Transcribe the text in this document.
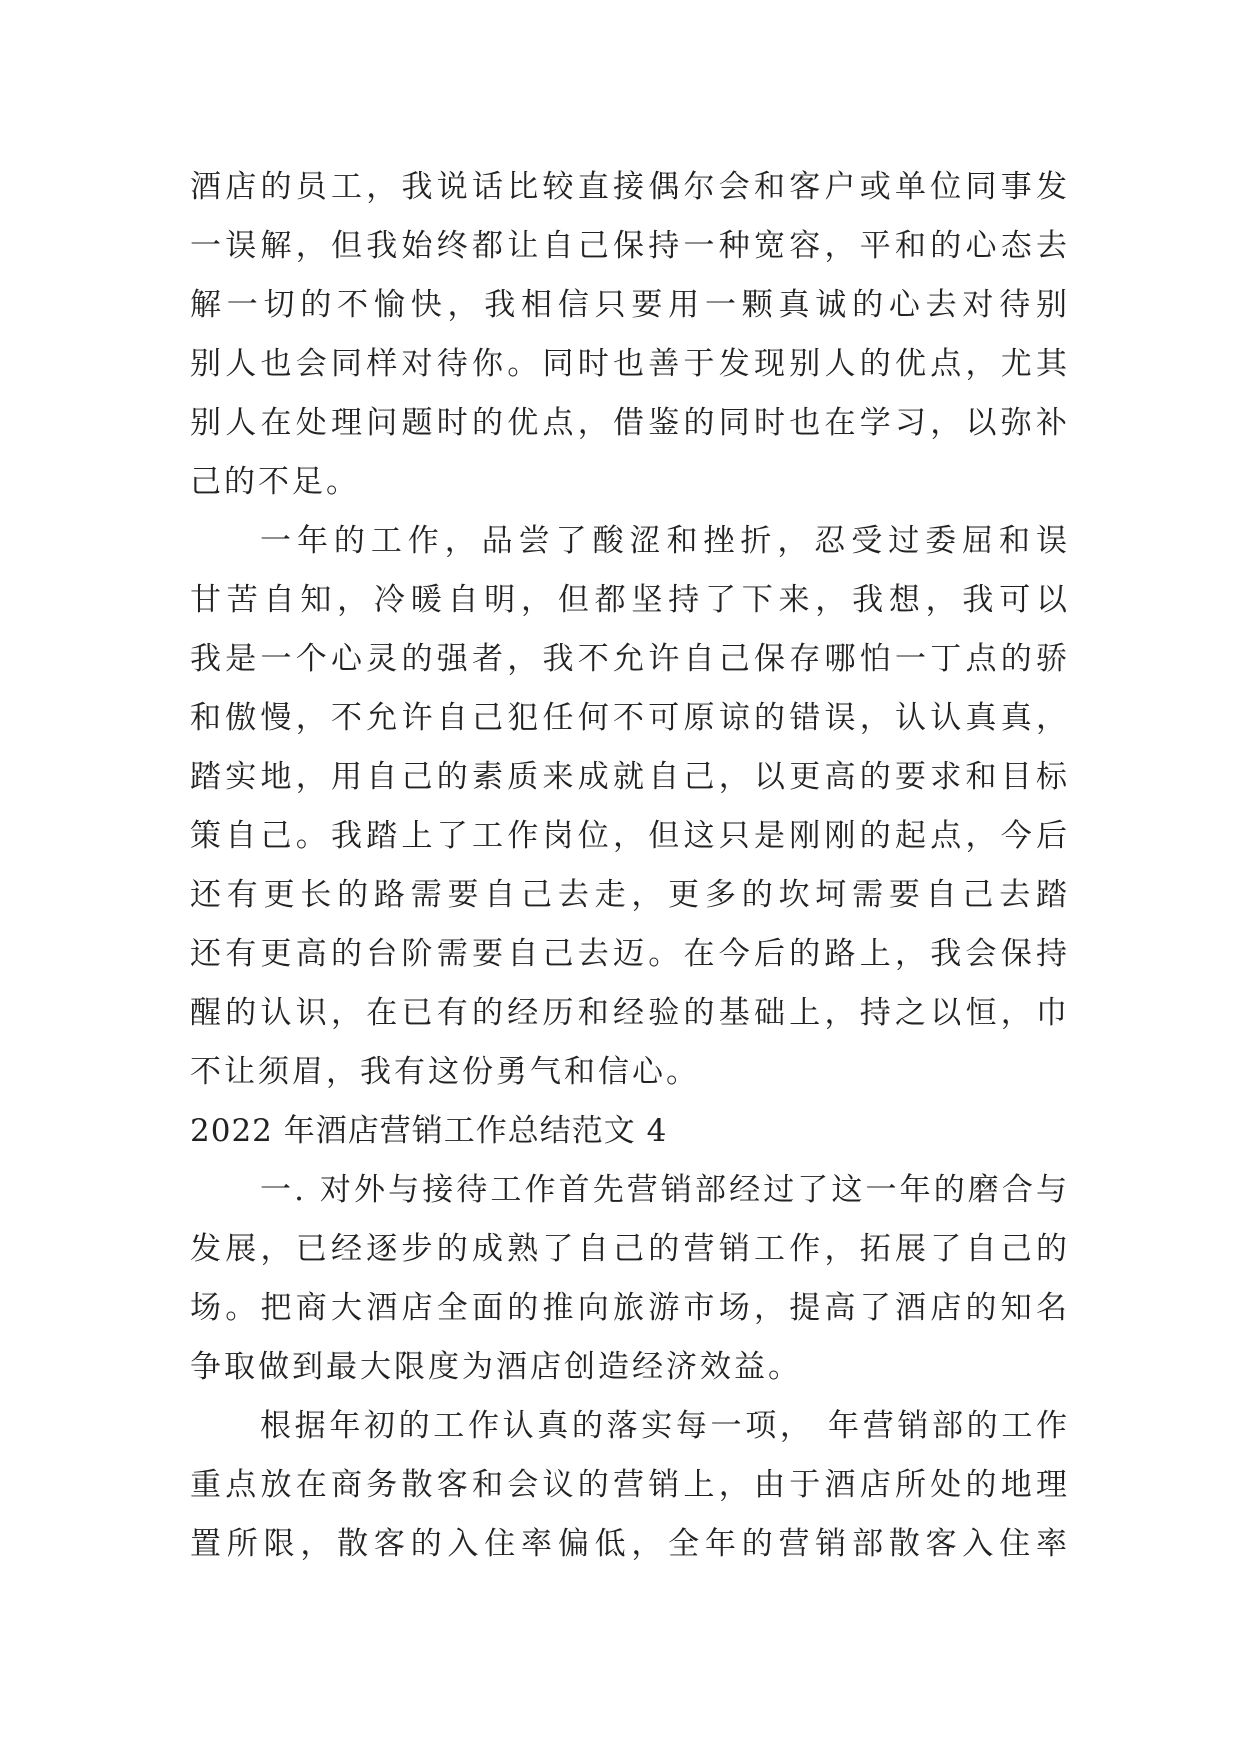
酒店的员工，我说话比较直接偶尔会和客户或单位同事发
一误解，但我始终都让自己保持一种宽容，平和的心态去
解一切的不愉快，我相信只要用一颗真诚的心去对待别
别人也会同样对待你。同时也善于发现别人的优点，尤其
别人在处理问题时的优点，借鉴的同时也在学习，以弥补
己的不足。
一年的工作，品尝了酸涩和挫折，忍受过委屈和误
甘苦自知，冷暖自明，但都坚持了下来，我想，我可以
我是一个心灵的强者，我不允许自己保存哪怕一丁点的骄
和傲慢，不允许自己犯任何不可原谅的错误，认认真真，
踏实地，用自己的素质来成就自己，以更高的要求和目标
策自己。我踏上了工作岗位，但这只是刚刚的起点，今后
还有更长的路需要自己去走，更多的坎坷需要自己去踏
还有更高的台阶需要自己去迈。在今后的路上，我会保持
醒的认识，在已有的经历和经验的基础上，持之以恒，巾
不让须眉，我有这份勇气和信心。
2022 年酒店营销工作总结范文 4
一. 对外与接待工作首先营销部经过了这一年的磨合与
发展，已经逐步的成熟了自己的营销工作，拓展了自己的
场。把商大酒店全面的推向旅游市场，提高了酒店的知名
争取做到最大限度为酒店创造经济效益。
根据年初的工作认真的落实每一项， 年营销部的工作
重点放在商务散客和会议的营销上，由于酒店所处的地理
置所限，散客的入住率偏低，全年的营销部散客入住率
